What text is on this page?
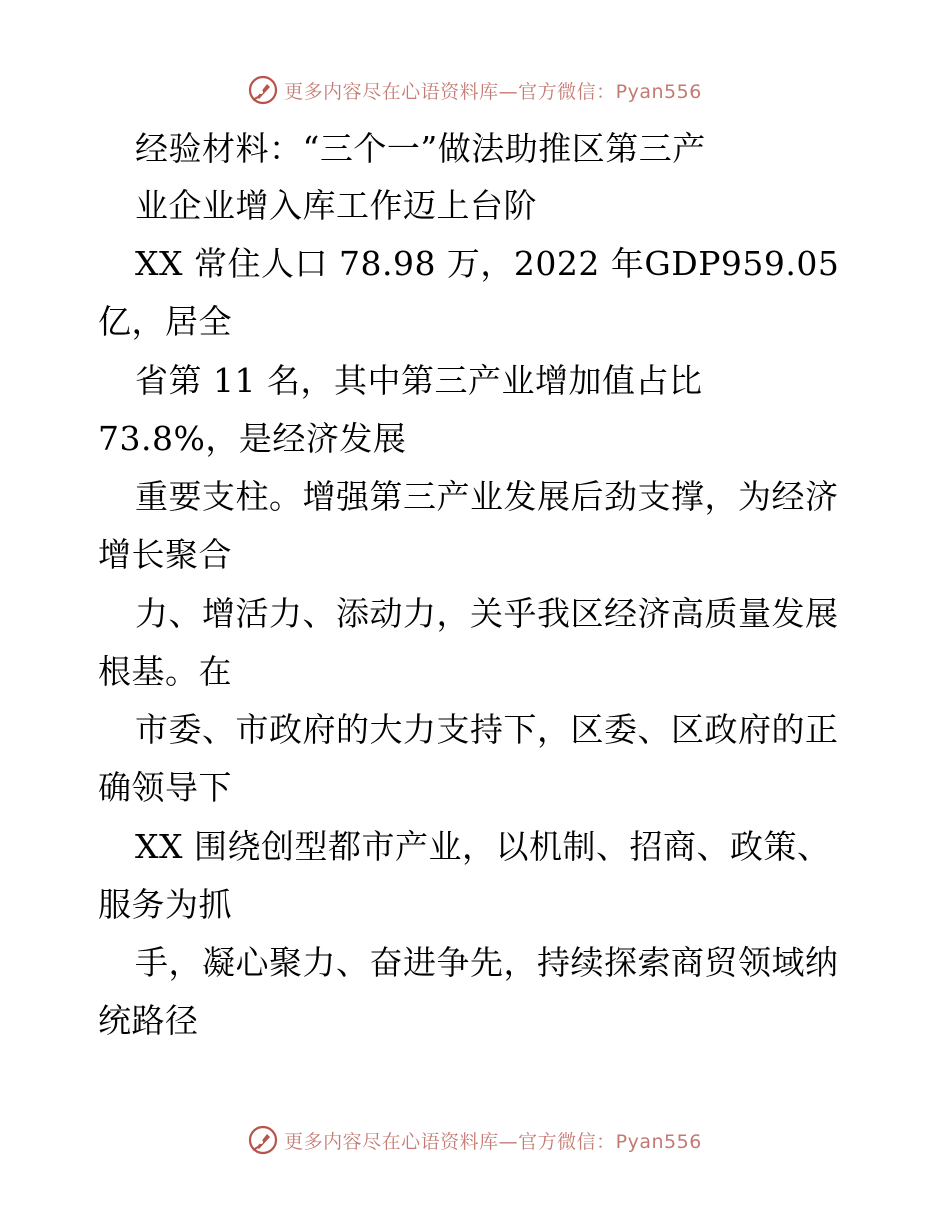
更多内容尽在心语资料库—官方微信：Pyan556
经验材料：“三个一”做法助推区第三产
业企业增入库工作迈上台阶
XX 常住人口 78.98 万，2022 年GDP959.05
亿，居全
省第 11 名，其中第三产业增加值占比
73.8%，是经济发展
重要支柱。增强第三产业发展后劲支撑，为经济
增长聚合
力、增活力、添动力，关乎我区经济高质量发展
根基。在
市委、市政府的大力支持下，区委、区政府的正
确领导下
XX 围绕创型都市产业，以机制、招商、政策、
服务为抓
手，凝心聚力、奋进争先，持续探索商贸领域纳
统路径
更多内容尽在心语资料库—官方微信：Pyan556
